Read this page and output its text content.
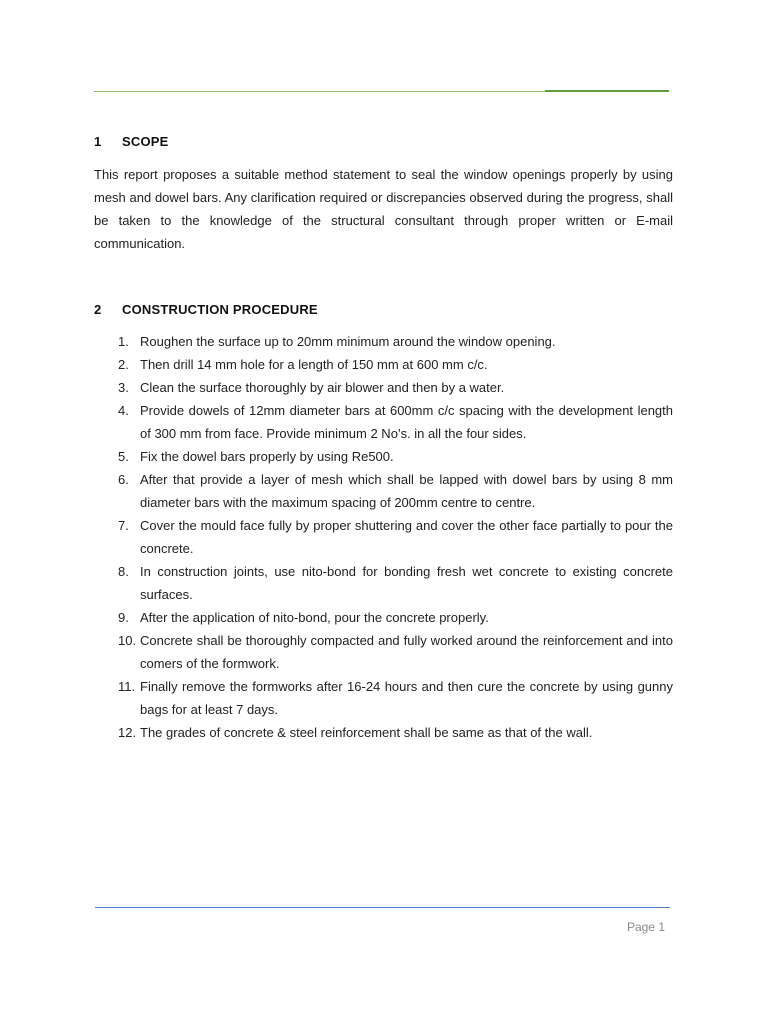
1 SCOPE

This report proposes a suitable method statement to seal the window openings properly by using mesh and dowel bars. Any clarification required or discrepancies observed during the progress, shall be taken to the knowledge of the structural consultant through proper written or E-mail communication.

2 CONSTRUCTION PROCEDURE
1. Roughen the surface up to 20mm minimum around the window opening.
2. Then drill 14 mm hole for a length of 150 mm at 600 mm c/c.
3. Clean the surface thoroughly by air blower and then by a water.
4. Provide dowels of 12mm diameter bars at 600mm c/c spacing with the development length of 300 mm from face. Provide minimum 2 No’s. in all the four sides.
5. Fix the dowel bars properly by using Re500.
6. After that provide a layer of mesh which shall be lapped with dowel bars by using 8 mm diameter bars with the maximum spacing of 200mm centre to centre.
7. Cover the mould face fully by proper shuttering and cover the other face partially to pour the concrete.
8. In construction joints, use nito-bond for bonding fresh wet concrete to existing concrete surfaces.
9. After the application of nito-bond, pour the concrete properly.
10. Concrete shall be thoroughly compacted and fully worked around the reinforcement and into comers of the formwork.
11. Finally remove the formworks after 16-24 hours and then cure the concrete by using gunny bags for at least 7 days.
12. The grades of concrete & steel reinforcement shall be same as that of the wall.
Page 1
